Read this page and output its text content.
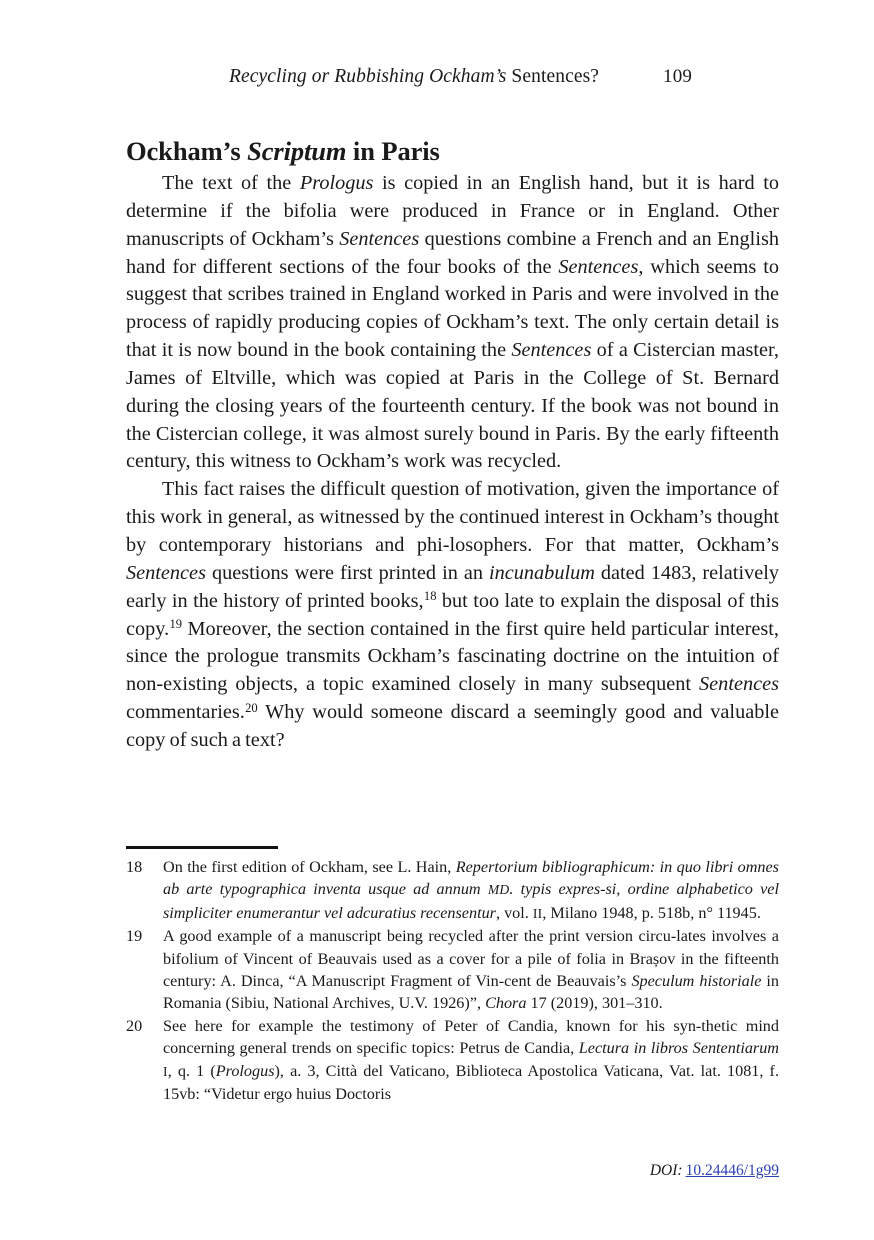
Recycling or Rubbishing Ockham’s Sentences?	109
Ockham’s Scriptum in Paris

The text of the Prologus is copied in an English hand, but it is hard to determine if the bifolia were produced in France or in England. Other manuscripts of Ockham’s Sentences questions combine a French and an English hand for different sections of the four books of the Sentences, which seems to suggest that scribes trained in England worked in Paris and were involved in the process of rapidly producing copies of Ockham’s text. The only certain detail is that it is now bound in the book containing the Sentences of a Cistercian master, James of Eltville, which was copied at Paris in the College of St. Bernard during the closing years of the fourteenth century. If the book was not bound in the Cistercian college, it was almost surely bound in Paris. By the early fifteenth century, this witness to Ockham’s work was recycled.

This fact raises the difficult question of motivation, given the importance of this work in general, as witnessed by the continued interest in Ockham’s thought by contemporary historians and phi-​losophers. For that matter, Ockham’s Sentences questions were first printed in an incunabulum dated 1483, relatively early in the history of printed books,$^{18}$ but too late to explain the disposal of this copy.$^{19}$ Moreover, the section contained in the first quire held particular interest, since the prologue transmits Ockham’s fascinating doctrine on the intuition of non-​existing objects, a topic examined closely in many subsequent Sentences commentaries.$^{20}$ Why would someone discard a seemingly good and valuable copy of such a text?

18	On the first edition of Ockham, see L. Hain, Repertorium bibliographicum: in quo libri omnes ab arte typographica inventa usque ad annum MD. typis expres-​si, ordine alphabetico vel simpliciter enumerantur vel adcuratius recensentur, vol. II, Milano 1948, p. 518b, n° 11945.
19	A good example of a manuscript being recycled after the print version circu-​lates involves a bifolium of Vincent of Beauvais used as a cover for a pile of folia in Brașov in the fifteenth century: A. Dinca, “A Manuscript Fragment of Vin-​cent de Beauvais’s Speculum historiale in Romania (Sibiu, National Archives, U.V. 1926)”, Chora 17 (2019), 301–310.
20	See here for example the testimony of Peter of Candia, known for his syn-​thetic mind concerning general trends on specific topics: Petrus de Candia, Lectura in libros Sententiarum I, q. 1 (Prologus), a. 3, Città del Vaticano, Biblioteca Apostolica Vaticana, Vat. lat. 1081, f. 15vb: “Videtur ergo huius Doctoris
DOI: 10.24446/1g99
